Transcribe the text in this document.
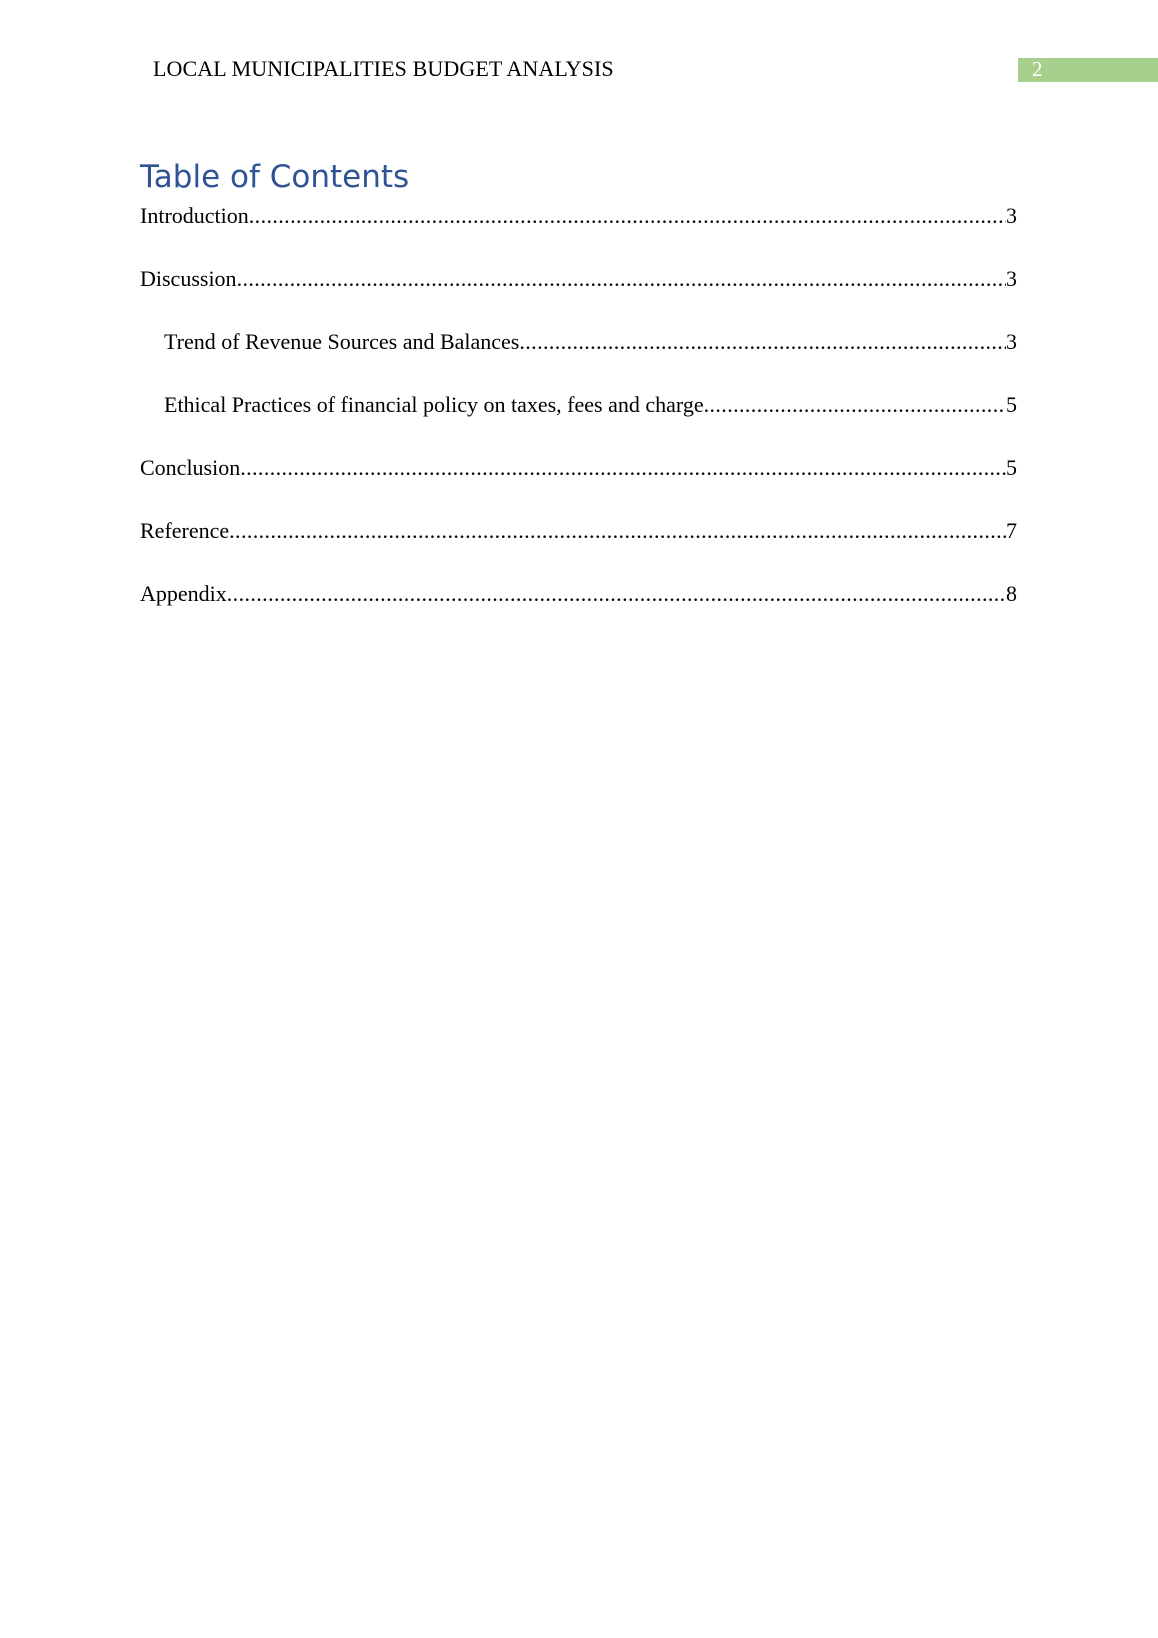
LOCAL MUNICIPALITIES BUDGET ANALYSIS	2
Table of Contents
Introduction .....	3
Discussion .....	3
Trend of Revenue Sources and Balances .....	3
Ethical Practices of financial policy on taxes, fees and charge .....	5
Conclusion .....	5
Reference .....	7
Appendix .....	8
